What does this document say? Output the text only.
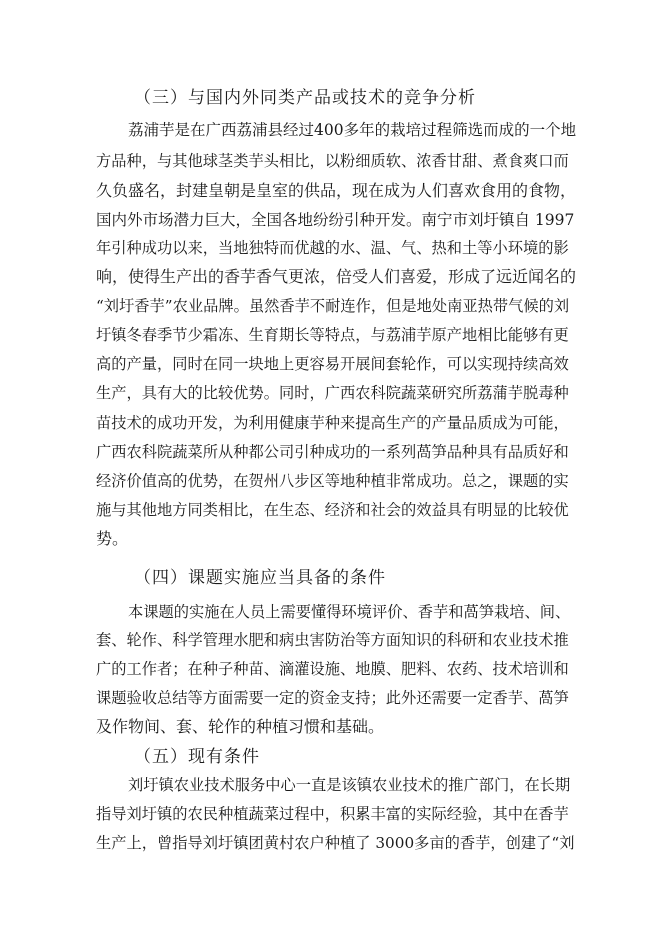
（三）与国内外同类产品或技术的竞争分析
荔浦芋是在广西荔浦县经过400多年的栽培过程筛选而成的一个地
方品种，与其他球茎类芋头相比，以粉细质软、浓香甘甜、煮食爽口而
久负盛名，封建皇朝是皇室的供品，现在成为人们喜欢食用的食物，
国内外市场潜力巨大，全国各地纷纷引种开发。南宁市刘圩镇自 1997
年引种成功以来，当地独特而优越的水、温、气、热和土等小环境的影
响，使得生产出的香芋香气更浓，倍受人们喜爱，形成了远近闻名的
“刘圩香芋”农业品牌。虽然香芋不耐连作，但是地处南亚热带气候的刘
圩镇冬春季节少霜冻、生育期长等特点，与荔浦芋原产地相比能够有更
高的产量，同时在同一块地上更容易开展间套轮作，可以实现持续高效
生产，具有大的比较优势。同时，广西农科院蔬菜研究所荔蒲芋脱毒种
苗技术的成功开发，为利用健康芋种来提高生产的产量品质成为可能，
广西农科院蔬菜所从种都公司引种成功的一系列萵笋品种具有品质好和
经济价值高的优势，在贺州八步区等地种植非常成功。总之，课题的实
施与其他地方同类相比，在生态、经济和社会的效益具有明显的比较优
势。
（四）课题实施应当具备的条件
本课题的实施在人员上需要懂得环境评价、香芋和萵笋栽培、间、
套、轮作、科学管理水肥和病虫害防治等方面知识的科研和农业技术推
广的工作者；在种子种苗、滴灌设施、地膜、肥料、农药、技术培训和
课题验收总结等方面需要一定的资金支持；此外还需要一定香芋、萵笋
及作物间、套、轮作的种植习惯和基础。
（五）现有条件
刘圩镇农业技术服务中心一直是该镇农业技术的推广部门，在长期
指导刘圩镇的农民种植蔬菜过程中，积累丰富的实际经验，其中在香芋
生产上，曾指导刘圩镇团黄村农户种植了 3000多亩的香芋，创建了“刘
